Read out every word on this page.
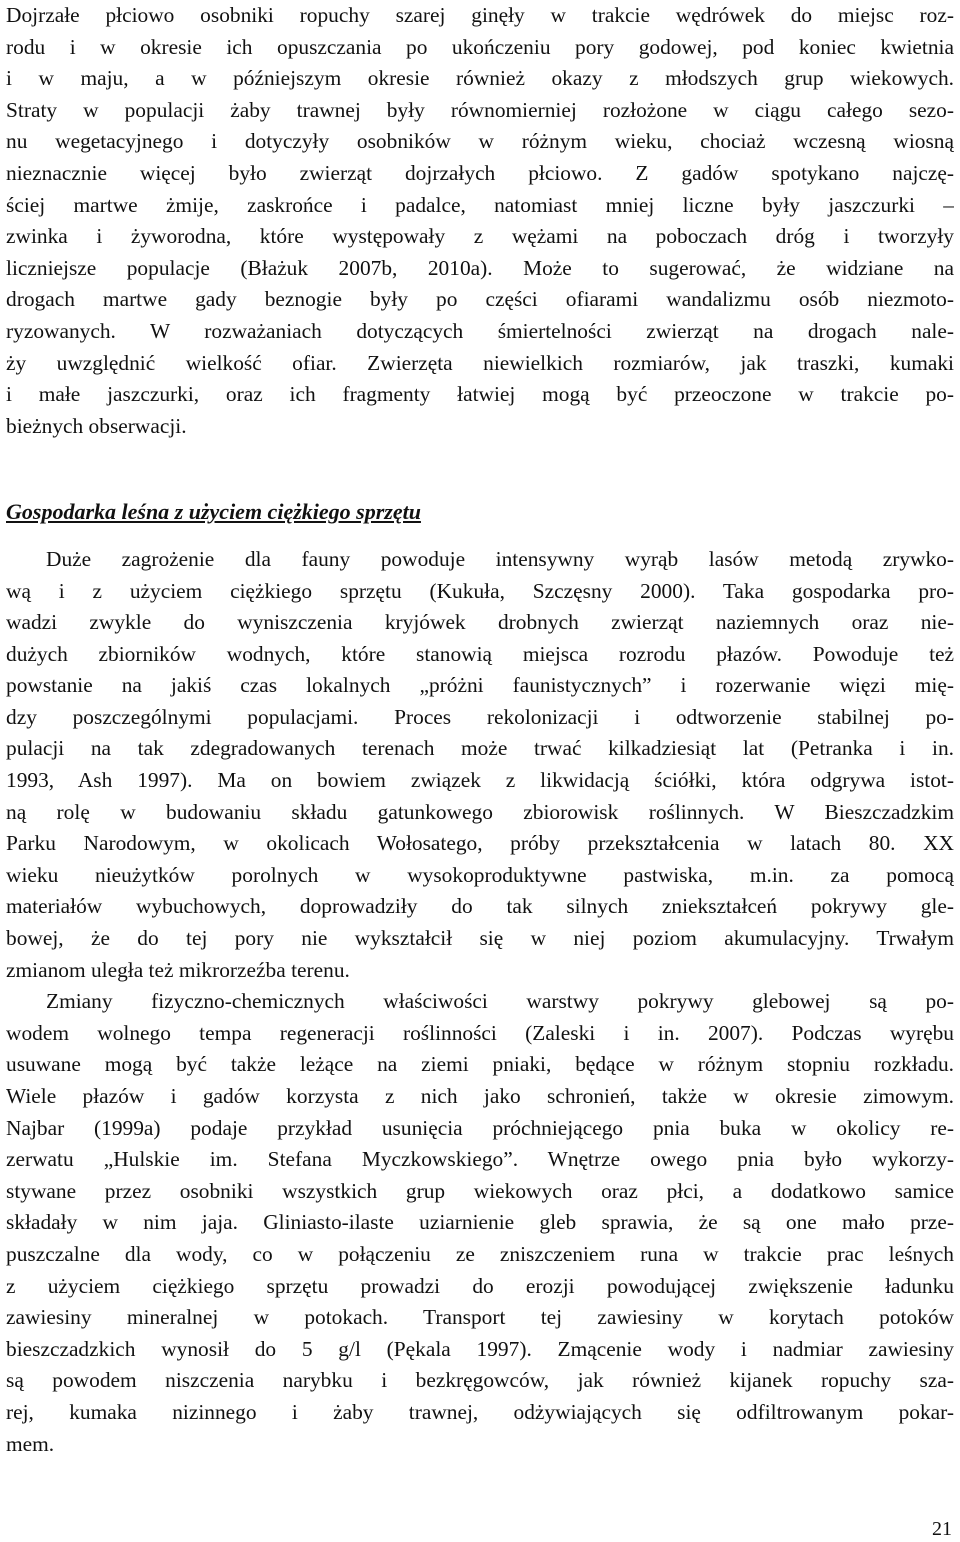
Dojrzałe płciowo osobniki ropuchy szarej ginęły w trakcie wędrówek do miejsc roz-
rodu i w okresie ich opuszczania po ukończeniu pory godowej, pod koniec kwietnia
i w maju, a w późniejszym okresie również okazy z młodszych grup wiekowych.
Straty w populacji żaby trawnej były równomierniej rozłożone w ciągu całego sezo-
nu wegetacyjnego i dotyczyły osobników w różnym wieku, chociaż wczesną wiosną
nieznacznie więcej było zwierząt dojrzałych płciowo. Z gadów spotykano najczę-
ściej martwe żmije, zaskrońce i padalce, natomiast mniej liczne były jaszczurki –
zwinka i żyworodna, które występowały z wężami na poboczach dróg i tworzyły
liczniejsze populacje (Błażuk 2007b, 2010a). Może to sugerować, że widziane na
drogach martwe gady beznogie były po części ofiarami wandalizmu osób niezmoto-
ryzowanych. W rozważaniach dotyczących śmiertelności zwierząt na drogach nale-
ży uwzględnić wielkość ofiar. Zwierzęta niewielkich rozmiarów, jak traszki, kumaki
i małe jaszczurki, oraz ich fragmenty łatwiej mogą być przeoczone w trakcie po-
bieżnych obserwacji.
Gospodarka leśna z użyciem ciężkiego sprzętu
Duże zagrożenie dla fauny powoduje intensywny wyrąb lasów metodą zrywko-
wą i z użyciem ciężkiego sprzętu (Kukuła, Szczęsny 2000). Taka gospodarka pro-
wadzi zwykle do wyniszczenia kryjówek drobnych zwierząt naziemnych oraz nie-
dużych zbiorników wodnych, które stanowią miejsca rozrodu płazów. Powoduje też
powstanie na jakiś czas lokalnych „próżni faunistycznych” i rozerwanie więzi mię-
dzy poszczególnymi populacjami. Proces rekolonizacji i odtworzenie stabilnej po-
pulacji na tak zdegradowanych terenach może trwać kilkadziesiąt lat (Petranka i in.
1993, Ash 1997). Ma on bowiem związek z likwidacją ściółki, która odgrywa istot-
ną rolę w budowaniu składu gatunkowego zbiorowisk roślinnych. W Bieszczadzkim
Parku Narodowym, w okolicach Wołosatego, próby przekształcenia w latach 80. XX
wieku nieużytków porolnych w wysokoproduktywne pastwiska, m.in. za pomocą
materiałów wybuchowych, doprowadziły do tak silnych zniekształceń pokrywy gle-
bowej, że do tej pory nie wykształcił się w niej poziom akumulacyjny. Trwałym
zmianom uległa też mikrorzeźba terenu.
Zmiany fizyczno-chemicznych właściwości warstwy pokrywy glebowej są po-
wodem wolnego tempa regeneracji roślinności (Zaleski i in. 2007). Podczas wyrębu
usuwane mogą być także leżące na ziemi pniaki, będące w różnym stopniu rozkładu.
Wiele płazów i gadów korzysta z nich jako schronień, także w okresie zimowym.
Najbar (1999a) podaje przykład usunięcia próchniejącego pnia buka w okolicy re-
zerwatu „Hulskie im. Stefana Myczkowskiego”. Wnętrze owego pnia było wykorzy-
stywane przez osobniki wszystkich grup wiekowych oraz płci, a dodatkowo samice
składały w nim jaja. Gliniasto-ilaste uziarnienie gleb sprawia, że są one mało prze-
puszczalne dla wody, co w połączeniu ze zniszczeniem runa w trakcie prac leśnych
z użyciem ciężkiego sprzętu prowadzi do erozji powodującej zwiększenie ładunku
zawiesiny mineralnej w potokach. Transport tej zawiesiny w korytach potoków
bieszczadzkich wynosił do 5 g/l (Pękala 1997). Zmącenie wody i nadmiar zawiesiny
są powodem niszczenia narybku i bezkręgowców, jak również kijanek ropuchy sza-
rej, kumaka nizinnego i żaby trawnej, odżywiających się odfiltrowanym pokar-
mem.
21
